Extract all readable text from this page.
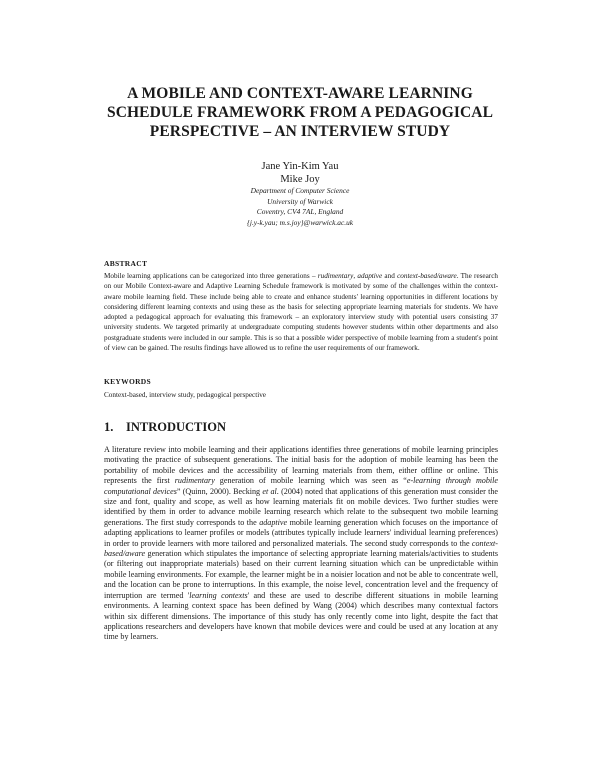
A MOBILE AND CONTEXT-AWARE LEARNING
SCHEDULE FRAMEWORK FROM A PEDAGOGICAL
PERSPECTIVE – AN INTERVIEW STUDY
Jane Yin-Kim Yau
Mike Joy
Department of Computer Science
University of Warwick
Coventry, CV4 7AL, England
{j.y-k.yau; m.s.joy}@warwick.ac.uk
ABSTRACT

Mobile learning applications can be categorized into three generations – rudimentary, adaptive and context-based/aware. The research on our Mobile Context-aware and Adaptive Learning Schedule framework is motivated by some of the challenges within the context-aware mobile learning field. These include being able to create and enhance students' learning opportunities in different locations by considering different learning contexts and using these as the basis for selecting appropriate learning materials for students. We have adopted a pedagogical approach for evaluating this framework – an exploratory interview study with potential users consisting 37 university students. We targeted primarily at undergraduate computing students however students within other departments and also postgraduate students were included in our sample. This is so that a possible wider perspective of mobile learning from a student's point of view can be gained. The results findings have allowed us to refine the user requirements of our framework.

KEYWORDS
Context-based, interview study, pedagogical perspective
1. INTRODUCTION

A literature review into mobile learning and their applications identifies three generations of mobile learning principles motivating the practice of subsequent generations. The initial basis for the adoption of mobile learning has been the portability of mobile devices and the accessibility of learning materials from them, either offline or online. This represents the first rudimentary generation of mobile learning which was seen as “e-learning through mobile computational devices” (Quinn, 2000). Becking et al. (2004) noted that applications of this generation must consider the size and font, quality and scope, as well as how learning materials fit on mobile devices. Two further studies were identified by them in order to advance mobile learning research which relate to the subsequent two mobile learning generations. The first study corresponds to the adaptive mobile learning generation which focuses on the importance of adapting applications to learner profiles or models (attributes typically include learners' individual learning preferences) in order to provide learners with more tailored and personalized materials. The second study corresponds to the context-based/aware generation which stipulates the importance of selecting appropriate learning materials/activities to students (or filtering out inappropriate materials) based on their current learning situation which can be unpredictable within mobile learning environments. For example, the learner might be in a noisier location and not be able to concentrate well, and the location can be prone to interruptions. In this example, the noise level, concentration level and the frequency of interruption are termed 'learning contexts' and these are used to describe different situations in mobile learning environments. A learning context space has been defined by Wang (2004) which describes many contextual factors within six different dimensions. The importance of this study has only recently come into light, despite the fact that applications researchers and developers have known that mobile devices were and could be used at any location at any time by learners.
